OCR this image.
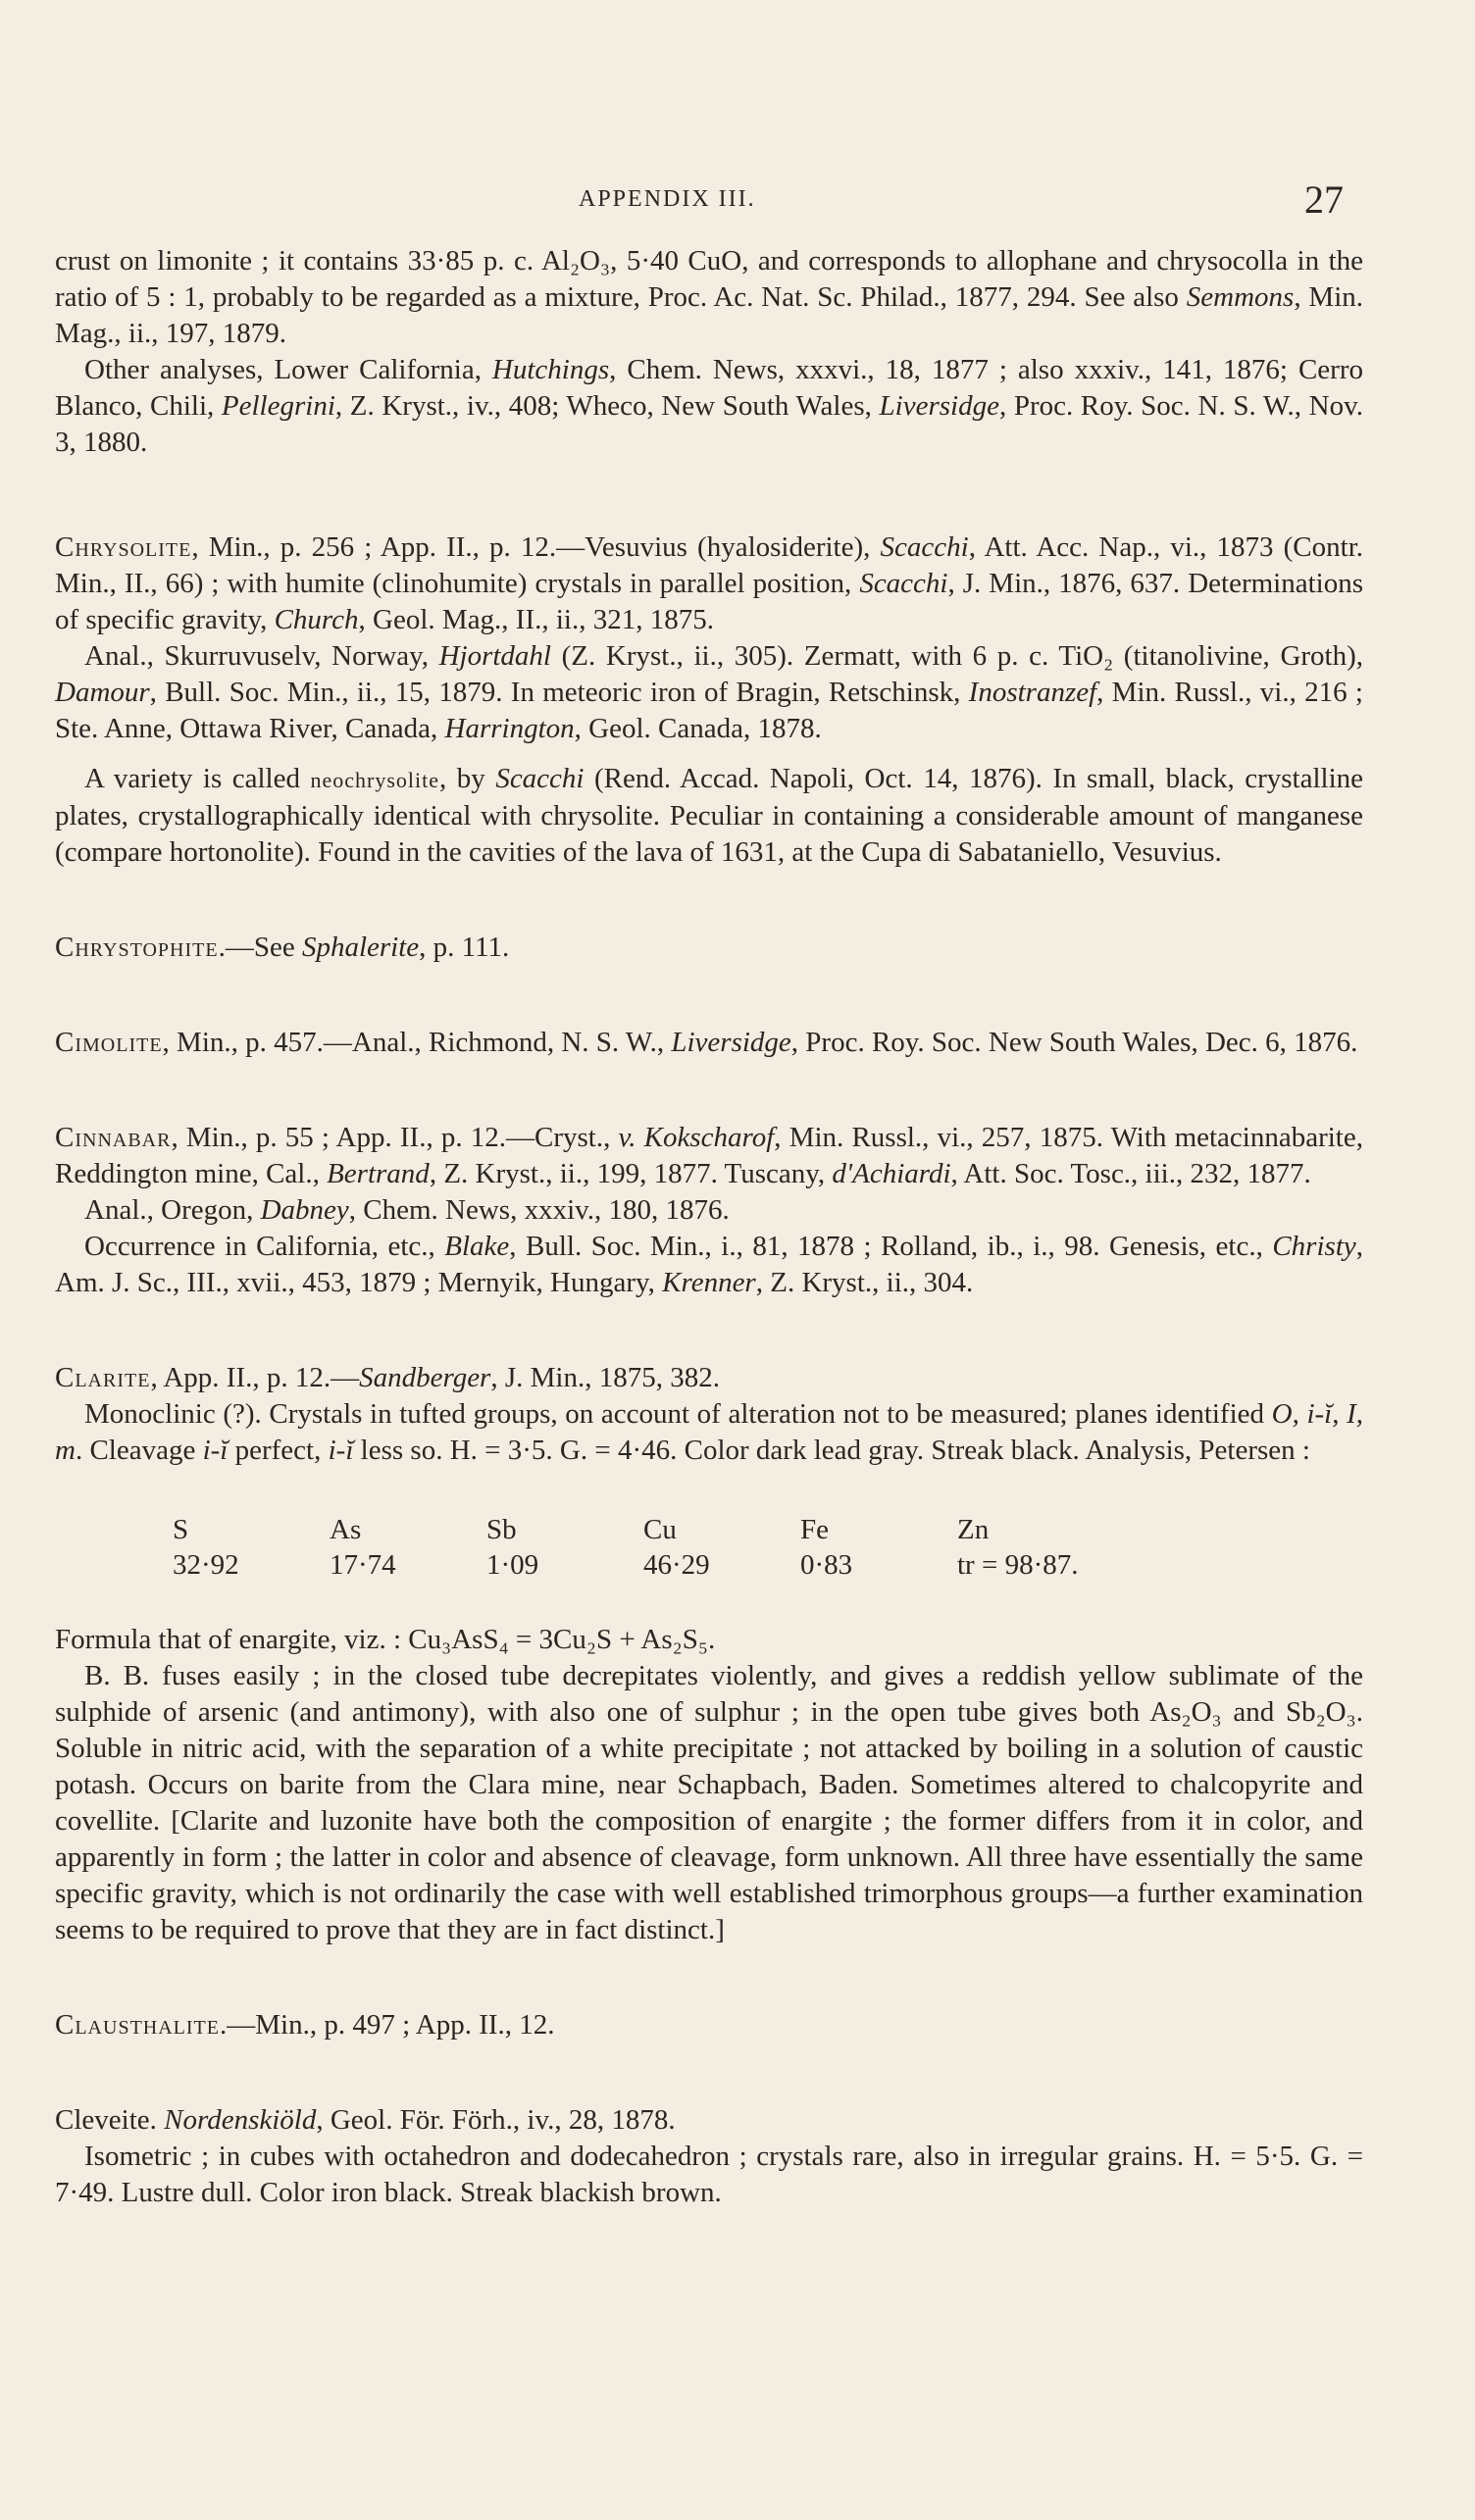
APPENDIX III.	27

crust on limonite ; it contains 33·85 p. c. Al₂O₃, 5·40 CuO, and corresponds to allophane and chrysocolla in the ratio of 5 : 1, probably to be regarded as a mixture, Proc. Ac. Nat. Sc. Philad., 1877, 294. See also Semmons, Min. Mag., ii., 197, 1879.

Other analyses, Lower California, Hutchings, Chem. News, xxxvi., 18, 1877 ; also xxxiv., 141, 1876; Cerro Blanco, Chili, Pellegrini, Z. Kryst., iv., 408; Wheco, New South Wales, Liversidge, Proc. Roy. Soc. N. S. W., Nov. 3, 1880.

Chrysolite, Min., p. 256 ; App. II., p. 12.—Vesuvius (hyalosiderite), Scacchi, Att. Acc. Nap., vi., 1873 (Contr. Min., II., 66) ; with humite (clinohumite) crystals in parallel position, Scacchi, J. Min., 1876, 637. Determinations of specific gravity, Church, Geol. Mag., II., ii., 321, 1875.

Anal., Skurruvuselv, Norway, Hjortdahl (Z. Kryst., ii., 305). Zermatt, with 6 p. c. TiO₂ (titanolivine, Groth), Damour, Bull. Soc. Min., ii., 15, 1879. In meteoric iron of Bragin, Retschinsk, Inostranzef, Min. Russl., vi., 216 ; Ste. Anne, Ottawa River, Canada, Harrington, Geol. Canada, 1878.

A variety is called neochrysolite, by Scacchi (Rend. Accad. Napoli, Oct. 14, 1876). In small, black, crystalline plates, crystallographically identical with chrysolite. Peculiar in containing a considerable amount of manganese (compare hortonolite). Found in the cavities of the lava of 1631, at the Cupa di Sabataniello, Vesuvius.

Chrystophite.—See Sphalerite, p. 111.

Cimolite, Min., p. 457.—Anal., Richmond, N. S. W., Liversidge, Proc. Roy. Soc. New South Wales, Dec. 6, 1876.

Cinnabar, Min., p. 55 ; App. II., p. 12.—Cryst., v. Kokscharof, Min. Russl., vi., 257, 1875. With metacinnabarite, Reddington mine, Cal., Bertrand, Z. Kryst., ii., 199, 1877. Tuscany, d'Achiardi, Att. Soc. Tosc., iii., 232, 1877.

Anal., Oregon, Dabney, Chem. News, xxxiv., 180, 1876.

Occurrence in California, etc., Blake, Bull. Soc. Min., i., 81, 1878 ; Rolland, ib., i., 98. Genesis, etc., Christy, Am. J. Sc., III., xvii., 453, 1879 ; Mernyik, Hungary, Krenner, Z. Kryst., ii., 304.

Clarite, App. II., p. 12.—Sandberger, J. Min., 1875, 382.

Monoclinic (?). Crystals in tufted groups, on account of alteration not to be measured; planes identified O, i-ĭ, I, m. Cleavage i-ĭ perfect, i-ĭ less so. H. = 3·5. G. = 4·46. Color dark lead gray. Streak black. Analysis, Petersen :

S	As	Sb	Cu	Fe	Zn
32·92	17·74	1·09	46·29	0·83	tr = 98·87.

Formula that of enargite, viz. : Cu₃AsS₄ = 3Cu₂S + As₂S₅.

B. B. fuses easily ; in the closed tube decrepitates violently, and gives a reddish yellow sublimate of the sulphide of arsenic (and antimony), with also one of sulphur ; in the open tube gives both As₂O₃ and Sb₂O₃. Soluble in nitric acid, with the separation of a white precipitate ; not attacked by boiling in a solution of caustic potash. Occurs on barite from the Clara mine, near Schapbach, Baden. Sometimes altered to chalcopyrite and covellite. [Clarite and luzonite have both the composition of enargite ; the former differs from it in color, and apparently in form ; the latter in color and absence of cleavage, form unknown. All three have essentially the same specific gravity, which is not ordinarily the case with well established trimorphous groups—a further examination seems to be required to prove that they are in fact distinct.]

Clausthalite.—Min., p. 497 ; App. II., 12.

Cleveite. Nordenskiöld, Geol. För. Förh., iv., 28, 1878.

Isometric ; in cubes with octahedron and dodecahedron ; crystals rare, also in irregular grains. H. = 5·5. G. = 7·49. Lustre dull. Color iron black. Streak blackish brown.
